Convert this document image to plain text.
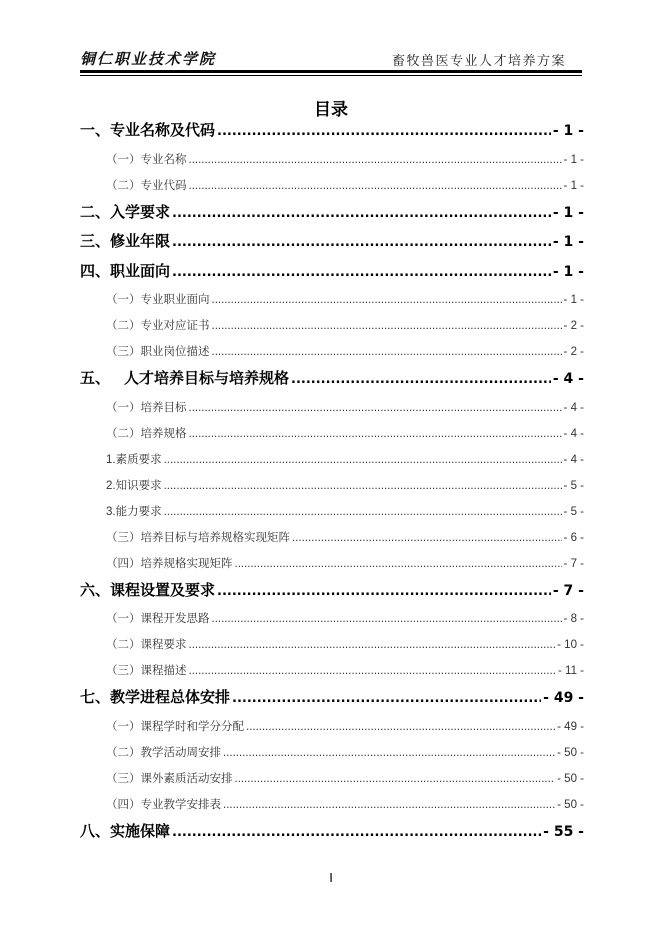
铜仁职业技术学院	畜牧兽医专业人才培养方案
目录
一、专业名称及代码 .....	- 1 -
（一）专业名称 .....	- 1 -
（二）专业代码 .....	- 1 -
二、入学要求 .....	- 1 -
三、修业年限 .....	- 1 -
四、职业面向 .....	- 1 -
（一）专业职业面向 .....	- 1 -
（二）专业对应证书 .....	- 2 -
（三）职业岗位描述 .....	- 2 -
五、 人才培养目标与培养规格 .....	- 4 -
（一）培养目标 .....	- 4 -
（二）培养规格 .....	- 4 -
1. 素质要求 .....	- 4 -
2. 知识要求 .....	- 5 -
3. 能力要求 .....	- 5 -
（三）培养目标与培养规格实现矩阵 .....	- 6 -
（四）培养规格实现矩阵 .....	- 7 -
六、课程设置及要求 .....	- 7 -
（一）课程开发思路 .....	- 8 -
（二）课程要求 .....	- 10 -
（三）课程描述 .....	- 11 -
七、教学进程总体安排 .....	- 49 -
（一）课程学时和学分分配 .....	- 49 -
（二）教学活动周安排 .....	- 50 -
（三）课外素质活动安排 .....	- 50 -
（四）专业教学安排表 .....	- 50 -
八、实施保障 .....	- 55 -
I
